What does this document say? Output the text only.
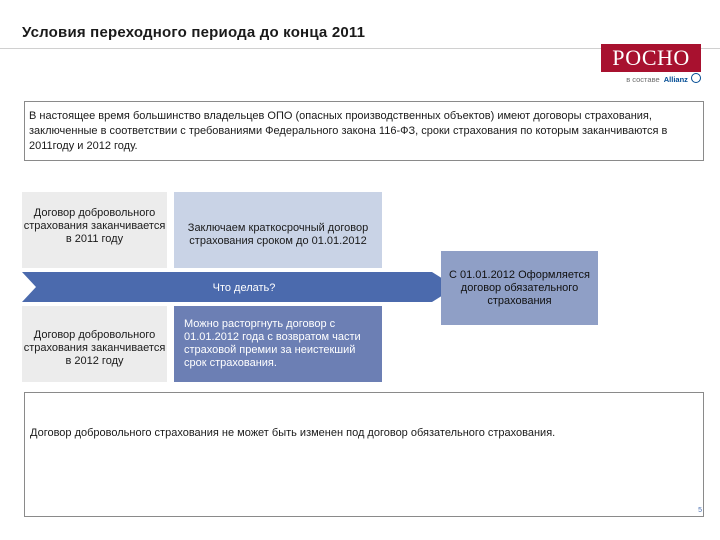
Условия переходного периода до конца 2011
РОСНО
в составе Allianz
В настоящее время большинство владельцев ОПО (опасных производственных объектов) имеют договоры страхования, заключенные в соответствии с требованиями Федерального закона 116-ФЗ, сроки страхования по которым заканчиваются в 2011году и 2012 году.
Договор добровольного страхования заканчивается в 2011 году
Заключаем краткосрочный договор страхования сроком до 01.01.2012
Что делать?
Договор добровольного страхования заканчивается в 2012 году
Можно расторгнуть договор с 01.01.2012 года с возвратом части страховой премии за неистекший срок страхования.
С 01.01.2012 Оформляется договор обязательного страхования
Договор добровольного страхования не может быть изменен под договор обязательного страхования.
5
